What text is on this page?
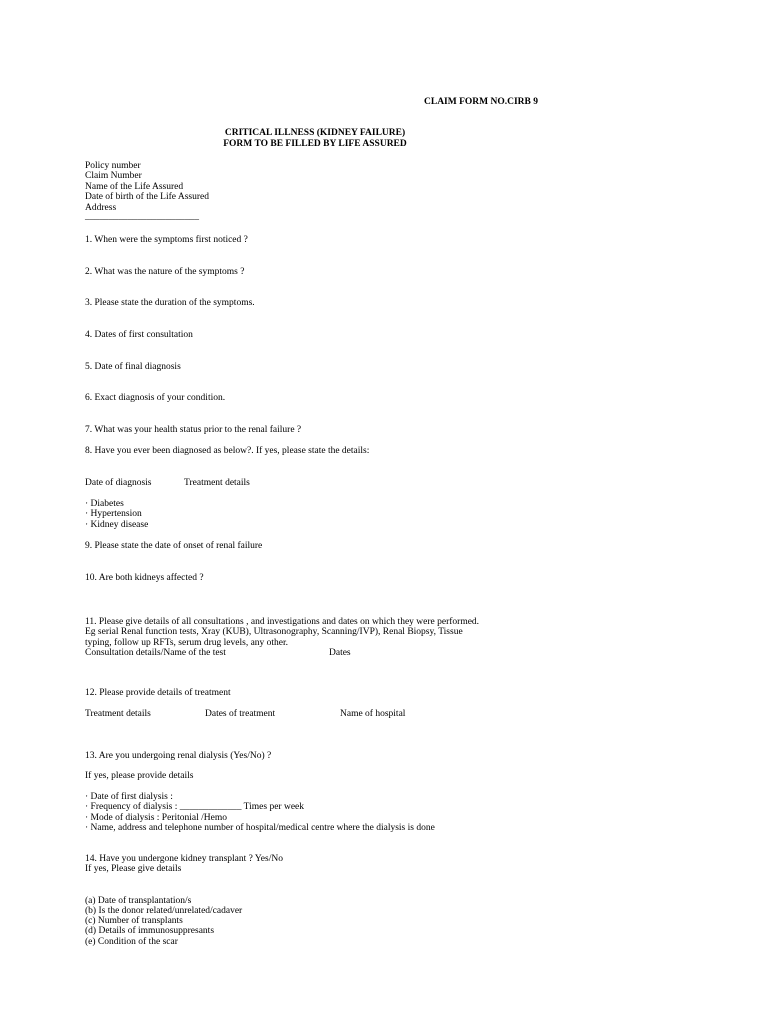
CLAIM FORM NO.CIRB 9
CRITICAL ILLNESS (KIDNEY FAILURE)
FORM TO BE FILLED BY LIFE ASSURED
Policy number
Claim Number
Name of the Life Assured
Date of birth of the Life Assured
Address
________________________
1. When were the symptoms first noticed ?
2. What was the nature of the symptoms ?
3. Please state the duration of the symptoms.
4. Dates of first consultation
5. Date of final diagnosis
6. Exact diagnosis of your condition.
7. What was your health status prior to the renal failure ?
8. Have you ever been diagnosed as below?. If yes, please state the details:
Date of diagnosis	Treatment details
· Diabetes
· Hypertension
· Kidney disease
9. Please state the date of onset of renal failure
10. Are both kidneys affected ?
11. Please give details of all consultations , and investigations and dates on which they were performed.
Eg serial Renal function tests, Xray (KUB), Ultrasonography, Scanning/IVP), Renal Biopsy, Tissue
typing, follow up RFTs, serum drug levels, any other.
Consultation details/Name of the test	Dates
12. Please provide details of treatment
Treatment details	Dates of treatment	Name of hospital
13. Are you undergoing renal dialysis (Yes/No) ?
If yes, please provide details
· Date of first dialysis :
· Frequency of dialysis : _____________ Times per week
· Mode of dialysis : Peritonial /Hemo
· Name, address and telephone number of hospital/medical centre where the dialysis is done
14. Have you undergone kidney transplant ? Yes/No
If yes, Please give details
(a) Date of transplantation/s
(b) Is the donor related/unrelated/cadaver
(c) Number of transplants
(d) Details of immunosuppresants
(e) Condition of the scar
